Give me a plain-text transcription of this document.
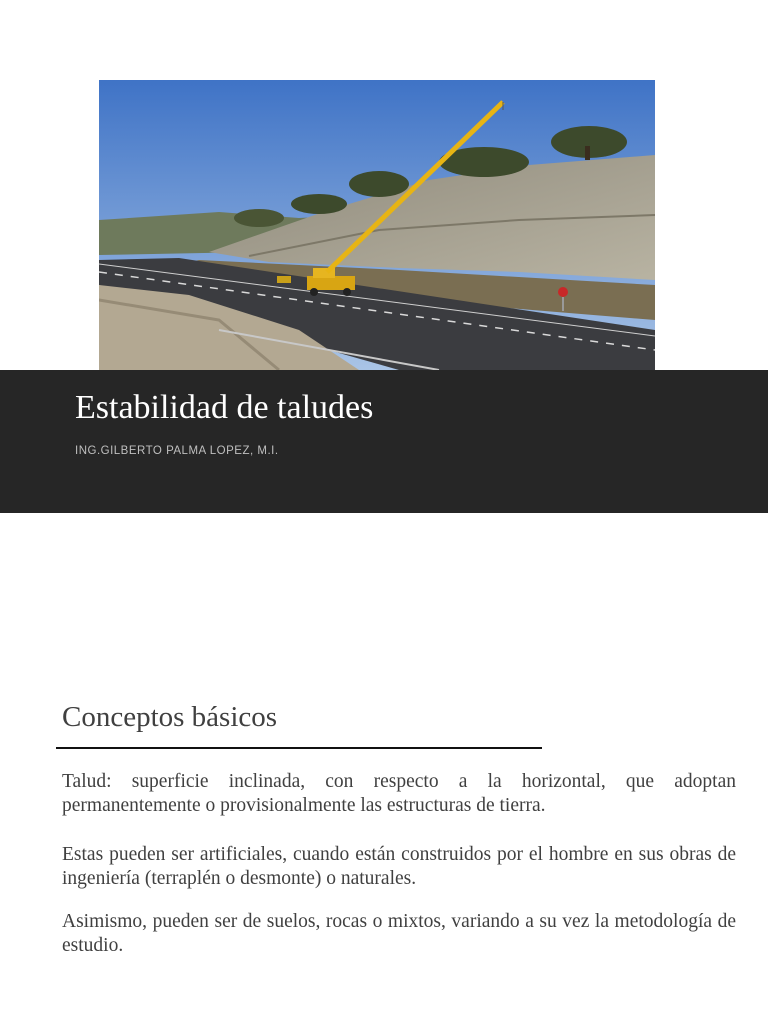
Estabilidad de taludes

ING.GILBERTO PALMA LOPEZ, M.I.

Conceptos básicos

Talud: superficie inclinada, con respecto a la horizontal, que adoptan permanentemente o provisionalmente las estructuras de tierra.

Estas pueden ser artificiales, cuando están construidos por el hombre en sus obras de ingeniería (terraplén o desmonte) o naturales.

Asimismo, pueden ser de suelos, rocas o mixtos, variando a su vez la metodología de estudio.
